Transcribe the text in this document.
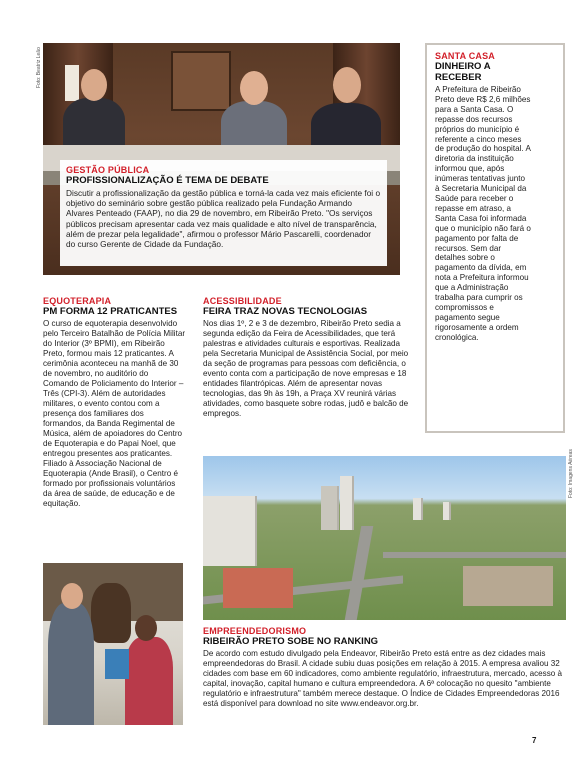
Foto: Beatriz Leão
Foto: Imagens Aéreas
GESTÃO PÚBLICA
PROFISSIONALIZAÇÃO É TEMA DE DEBATE
Discutir a profissionalização da gestão pública e torná-la cada vez mais eficiente foi o objetivo do seminário sobre gestão pública realizado pela Fundação Armando Alvares Penteado (FAAP), no dia 29 de novembro, em Ribeirão Preto. "Os serviços públicos precisam apresentar cada vez mais qualidade e alto nível de transparência, além de prezar pela legalidade", afirmou o professor Mário Pascarelli, coordenador do curso Gerente de Cidade da Fundação.
SANTA CASA
DINHEIRO A RECEBER
A Prefeitura de Ribeirão Preto deve R$ 2,6 milhões para a Santa Casa. O repasse dos recursos próprios do município é referente a cinco meses de produção do hospital. A diretoria da instituição informou que, após inúmeras tentativas junto à Secretaria Municipal da Saúde para receber o repasse em atraso, a Santa Casa foi informada que o município não fará o pagamento por falta de recursos. Sem dar detalhes sobre o pagamento da dívida, em nota a Prefeitura informou que a Administração trabalha para cumprir os compromissos e pagamento segue rigorosamente a ordem cronológica.
EQUOTERAPIA
PM FORMA 12 PRATICANTES
O curso de equoterapia desenvolvido pelo Terceiro Batalhão de Polícia Militar do Interior (3º BPMI), em Ribeirão Preto, formou mais 12 praticantes. A cerimônia aconteceu na manhã de 30 de novembro, no auditório do Comando de Policiamento do Interior – Três (CPI-3). Além de autoridades militares, o evento contou com a presença dos familiares dos formandos, da Banda Regimental de Música, além de apoiadores do Centro de Equoterapia e do Papai Noel, que entregou presentes aos praticantes. Filiado à Associação Nacional de Equoterapia (Ande Brasil), o Centro é formado por profissionais voluntários da área de saúde, de educação e de equitação.
ACESSIBILIDADE
FEIRA TRAZ NOVAS TECNOLOGIAS
Nos dias 1º, 2 e 3 de dezembro, Ribeirão Preto sedia a segunda edição da Feira de Acessibilidades, que terá palestras e atividades culturais e esportivas. Realizada pela Secretaria Municipal de Assistência Social, por meio da seção de programas para pessoas com deficiência, o evento conta com a participação de nove empresas e 18 entidades filantrópicas. Além de apresentar novas tecnologias, das 9h às 19h, a Praça XV reunirá várias atividades, como basquete sobre rodas, judô e balcão de empregos.
EMPREENDEDORISMO
RIBEIRÃO PRETO SOBE NO RANKING
De acordo com estudo divulgado pela Endeavor, Ribeirão Preto está entre as dez cidades mais empreendedoras do Brasil. A cidade subiu duas posições em relação à 2015. A empresa avaliou 32 cidades com base em 60 indicadores, como ambiente regulatório, infraestrutura, mercado, acesso à capital, inovação, capital humano e cultura empreendedora. A 6ª colocação no quesito "ambiente regulatório e infraestrutura" também merece destaque. O Índice de Cidades Empreendedoras 2016 está disponível para download no site www.endeavor.org.br.
7
